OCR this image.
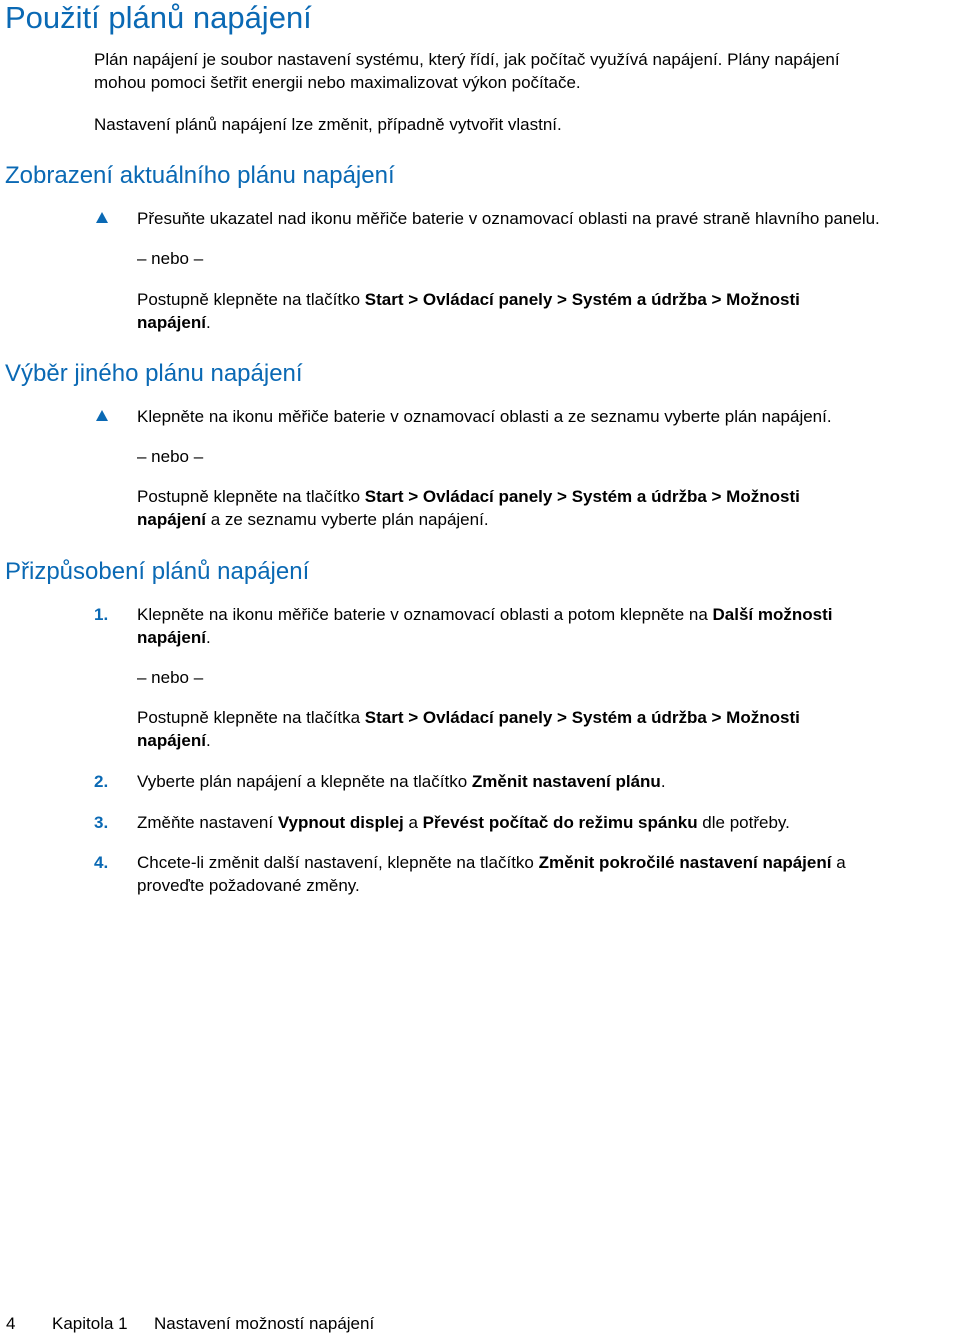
Použití plánů napájení

Plán napájení je soubor nastavení systému, který řídí, jak počítač využívá napájení. Plány napájení

mohou pomoci šetřit energii nebo maximalizovat výkon počítače.

Nastavení plánů napájení lze změnit, případně vytvořit vlastní.

Zobrazení aktuálního plánu napájení

Přesuňte ukazatel nad ikonu měřiče baterie v oznamovací oblasti na pravé straně hlavního panelu.

– nebo –

Postupně klepněte na tlačítko Start > Ovládací panely > Systém a údržba > Možnosti

napájení.

Výběr jiného plánu napájení

Klepněte na ikonu měřiče baterie v oznamovací oblasti a ze seznamu vyberte plán napájení.

– nebo –

Postupně klepněte na tlačítko Start > Ovládací panely > Systém a údržba > Možnosti

napájení a ze seznamu vyberte plán napájení.

Přizpůsobení plánů napájení
1. Klepněte na ikonu měřiče baterie v oznamovací oblasti a potom klepněte na Další možnosti

napájení.

– nebo –

Postupně klepněte na tlačítka Start > Ovládací panely > Systém a údržba > Možnosti

napájení.

2. Vyberte plán napájení a klepněte na tlačítko Změnit nastavení plánu.

3. Změňte nastavení Vypnout displej a Převést počítač do režimu spánku dle potřeby.

4. Chcete-li změnit další nastavení, klepněte na tlačítko Změnit pokročilé nastavení napájení a

proveďte požadované změny.

4 Kapitola 1 Nastavení možností napájení
